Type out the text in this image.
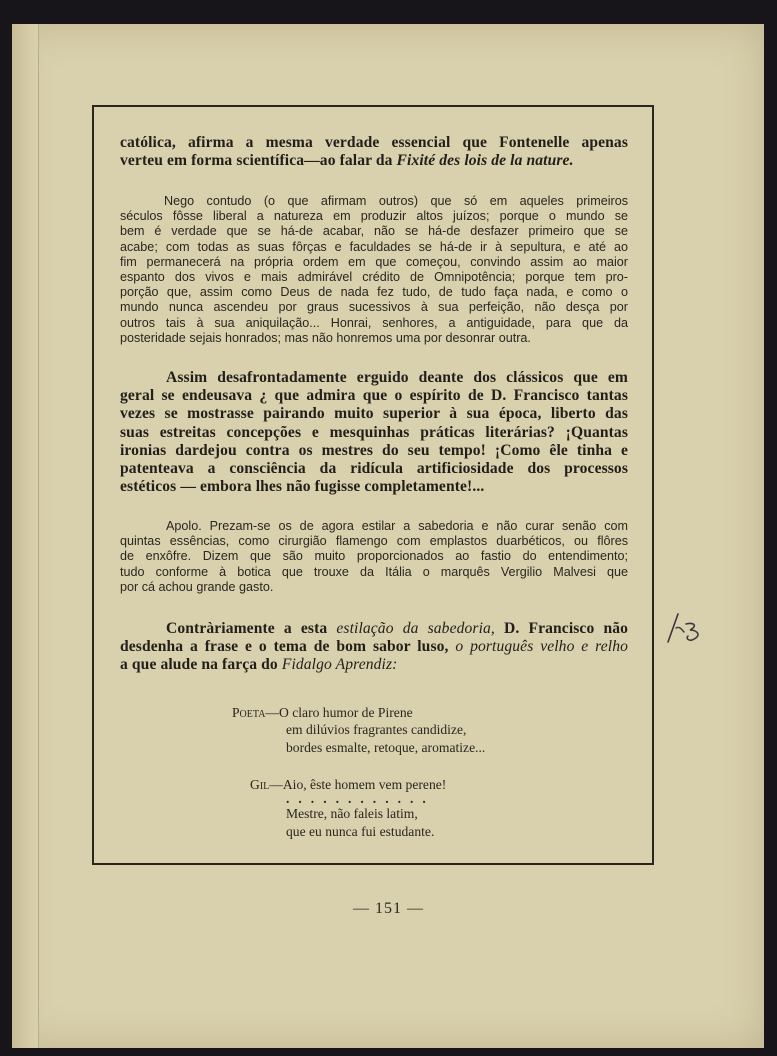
católica, afirma a mesma verdade essencial que Fontenelle apenas
verteu em forma scientífica—ao falar da Fixité des lois de la nature.
Nego contudo (o que afirmam outros) que só em aqueles primeiros
séculos fôsse liberal a natureza em produzir altos juízos; porque o mundo se
bem é verdade que se há-de acabar, não se há-de desfazer primeiro que se
acabe; com todas as suas fôrças e faculdades se há-de ir à sepultura, e até ao
fim permanecerá na própria ordem em que começou, convindo assim ao maior
espanto dos vivos e mais admirável crédito de Omnipotência; porque tem pro-
porção que, assim como Deus de nada fez tudo, de tudo faça nada, e como o
mundo nunca ascendeu por graus sucessivos à sua perfeição, não desça por
outros tais à sua aniquilação... Honrai, senhores, a antiguidade, para que da
posteridade sejais honrados; mas não honremos uma por desonrar outra.
Assim desafrontadamente erguido deante dos clássicos que em
geral se endeusava ¿ que admira que o espírito de D. Francisco tantas
vezes se mostrasse pairando muito superior à sua época, liberto das
suas estreitas concepções e mesquinhas práticas literárias? ¡Quantas
ironias dardejou contra os mestres do seu tempo! ¡Como êle tinha e
patenteava a consciência da ridícula artificiosidade dos processos
estéticos — embora lhes não fugisse completamente!...
Apolo. Prezam-se os de agora estilar a sabedoria e não curar senão com
quintas essências, como cirurgião flamengo com emplastos duarbéticos, ou flôres
de enxôfre. Dizem que são muito proporcionados ao fastio do entendimento;
tudo conforme à botica que trouxe da Itália o marquês Vergilio Malvesi que
por cá achou grande gasto.
Contràriamente a esta estilação da sabedoria, D. Francisco não
desdenha a frase e o tema de bom sabor luso, o português velho e relho
a que alude na farça do Fidalgo Aprendiz:
Poeta—O claro humor de Pirene
em dilúvios fragrantes candidize,
bordes esmalte, retoque, aromatize...
Gil—Aio, êste homem vem perene!
............
Mestre, não faleis latim,
que eu nunca fui estudante.
— 151 —
